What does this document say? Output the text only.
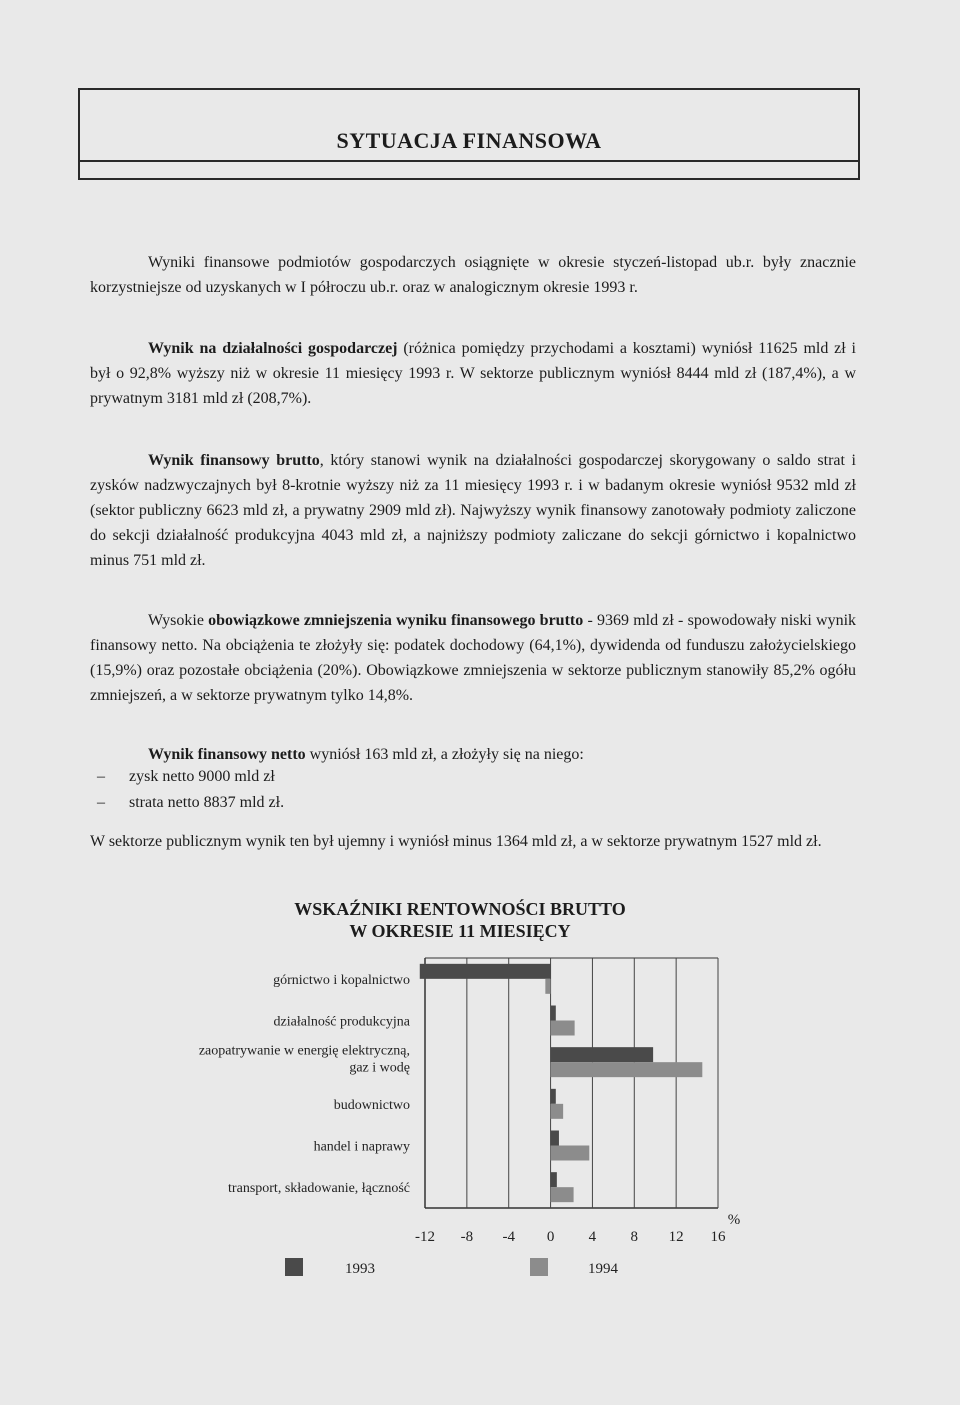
SYTUACJA FINANSOWA

Wyniki finansowe podmiotów gospodarczych osiągnięte w okresie styczeń-listopad ub.r. były znacznie korzystniejsze od uzyskanych w I półroczu ub.r. oraz w analogicznym okresie 1993 r.

Wynik na działalności gospodarczej (różnica pomiędzy przychodami a kosztami) wyniósł 11625 mld zł i był o 92,8% wyższy niż w okresie 11 miesięcy 1993 r. W sektorze publicznym wyniósł 8444 mld zł (187,4%), a w prywatnym 3181 mld zł (208,7%).

Wynik finansowy brutto, który stanowi wynik na działalności gospodarczej skorygowany o saldo strat i zysków nadzwyczajnych był 8-krotnie wyższy niż za 11 miesięcy 1993 r. i w badanym okresie wyniósł 9532 mld zł (sektor publiczny 6623 mld zł, a prywatny 2909 mld zł). Najwyższy wynik finansowy zanotowały podmioty zaliczone do sekcji działalność produkcyjna 4043 mld zł, a najniższy podmioty zaliczane do sekcji górnictwo i kopalnictwo minus 751 mld zł.

Wysokie obowiązkowe zmniejszenia wyniku finansowego brutto - 9369 mld zł - spowodowały niski wynik finansowy netto. Na obciążenia te złożyły się: podatek dochodowy (64,1%), dywidenda od funduszu założycielskiego (15,9%) oraz pozostałe obciążenia (20%). Obowiązkowe zmniejszenia w sektorze publicznym stanowiły 85,2% ogółu zmniejszeń, a w sektorze prywatnym tylko 14,8%.

Wynik finansowy netto wyniósł 163 mld zł, a złożyły się na niego:

– zysk netto 9000 mld zł
– strata netto 8837 mld zł.

W sektorze publicznym wynik ten był ujemny i wyniósł minus 1364 mld zł, a w sektorze prywatnym 1527 mld zł.

WSKAŹNIKI RENTOWNOŚCI BRUTTO
W OKRESIE 11 MIESIĘCY
-12 -8 -4 0 4 8 12 16
%
górnictwo i kopalnictwo
działalność produkcyjna
zaopatrywanie w energię elektryczną,
gaz i wodę
budownictwo
handel i naprawy
transport, składowanie, łączność
1993	1994
